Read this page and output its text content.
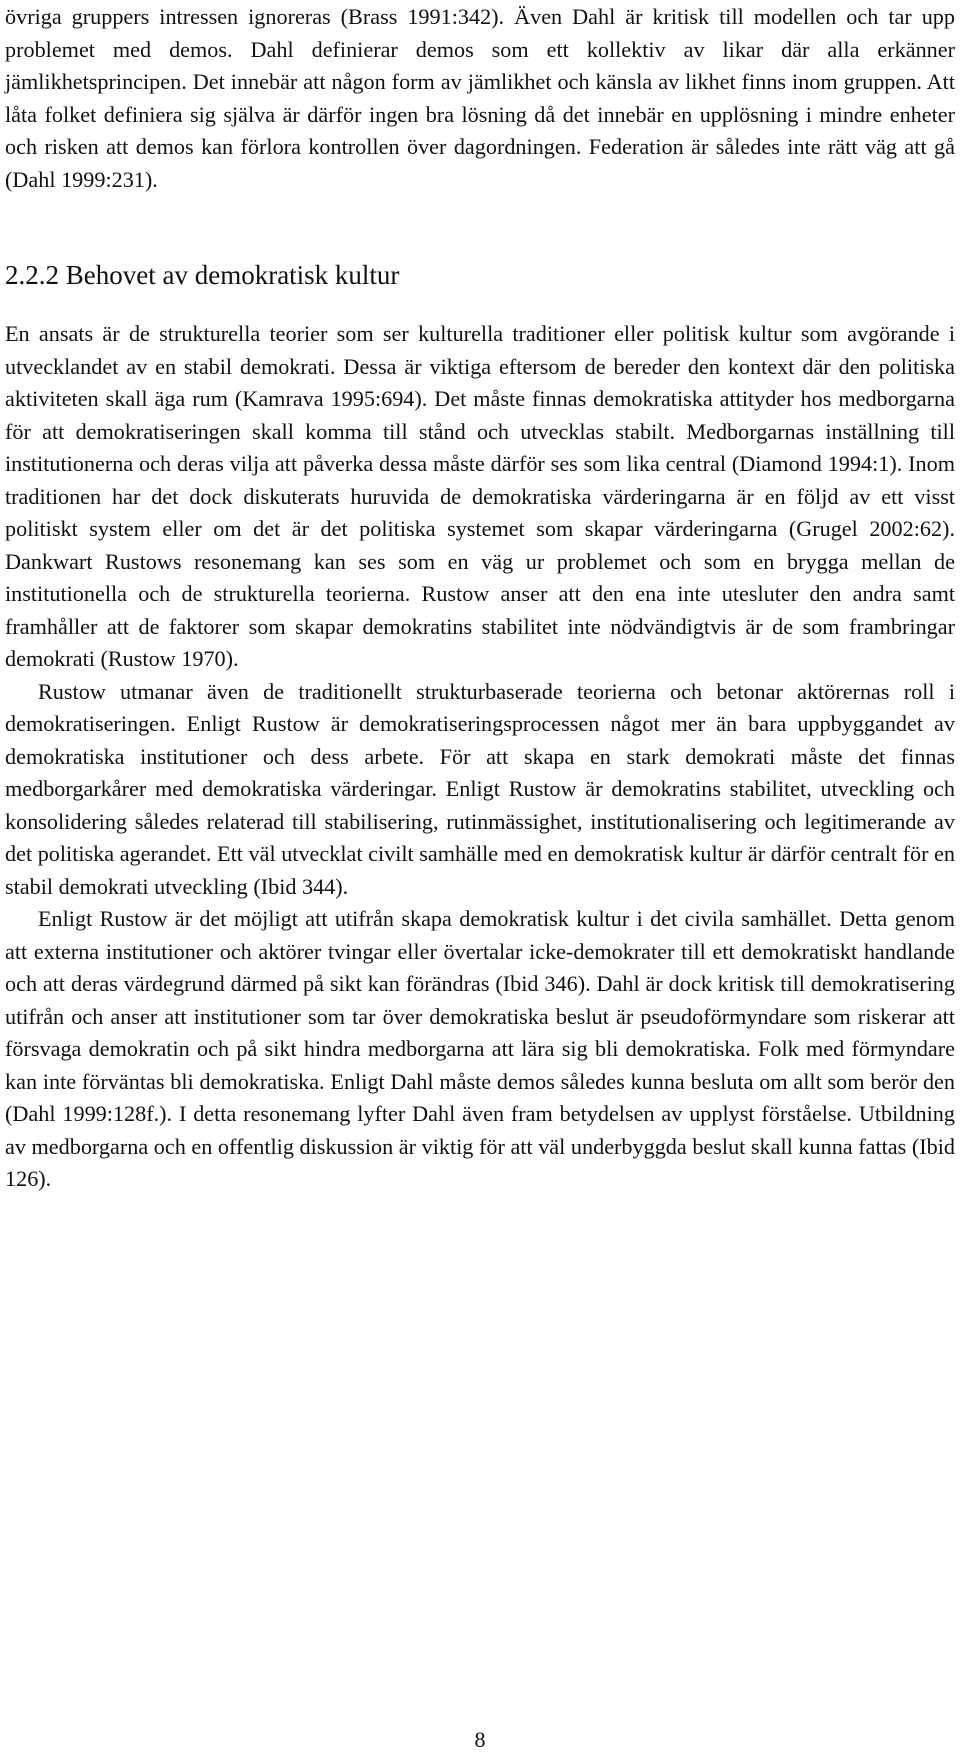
övriga gruppers intressen ignoreras (Brass 1991:342). Även Dahl är kritisk till modellen och tar upp problemet med demos. Dahl definierar demos som ett kollektiv av likar där alla erkänner jämlikhetsprincipen. Det innebär att någon form av jämlikhet och känsla av likhet finns inom gruppen. Att låta folket definiera sig själva är därför ingen bra lösning då det innebär en upplösning i mindre enheter och risken att demos kan förlora kontrollen över dagordningen. Federation är således inte rätt väg att gå (Dahl 1999:231).

2.2.2 Behovet av demokratisk kultur

En ansats är de strukturella teorier som ser kulturella traditioner eller politisk kultur som avgörande i utvecklandet av en stabil demokrati. Dessa är viktiga eftersom de bereder den kontext där den politiska aktiviteten skall äga rum (Kamrava 1995:694). Det måste finnas demokratiska attityder hos medborgarna för att demokratiseringen skall komma till stånd och utvecklas stabilt. Medborgarnas inställning till institutionerna och deras vilja att påverka dessa måste därför ses som lika central (Diamond 1994:1). Inom traditionen har det dock diskuterats huruvida de demokratiska värderingarna är en följd av ett visst politiskt system eller om det är det politiska systemet som skapar värderingarna (Grugel 2002:62). Dankwart Rustows resonemang kan ses som en väg ur problemet och som en brygga mellan de institutionella och de strukturella teorierna. Rustow anser att den ena inte utesluter den andra samt framhåller att de faktorer som skapar demokratins stabilitet inte nödvändigtvis är de som frambringar demokrati (Rustow 1970).

Rustow utmanar även de traditionellt strukturbaserade teorierna och betonar aktörernas roll i demokratiseringen. Enligt Rustow är demokratiseringsprocessen något mer än bara uppbyggandet av demokratiska institutioner och dess arbete. För att skapa en stark demokrati måste det finnas medborgarkårer med demokratiska värderingar. Enligt Rustow är demokratins stabilitet, utveckling och konsolidering således relaterad till stabilisering, rutinmässighet, institutionalisering och legitimerande av det politiska agerandet. Ett väl utvecklat civilt samhälle med en demokratisk kultur är därför centralt för en stabil demokrati utveckling (Ibid 344).

Enligt Rustow är det möjligt att utifrån skapa demokratisk kultur i det civila samhället. Detta genom att externa institutioner och aktörer tvingar eller övertalar icke-demokrater till ett demokratiskt handlande och att deras värdegrund därmed på sikt kan förändras (Ibid 346). Dahl är dock kritisk till demokratisering utifrån och anser att institutioner som tar över demokratiska beslut är pseudoförmyndare som riskerar att försvaga demokratin och på sikt hindra medborgarna att lära sig bli demokratiska. Folk med förmyndare kan inte förväntas bli demokratiska. Enligt Dahl måste demos således kunna besluta om allt som berör den (Dahl 1999:128f.). I detta resonemang lyfter Dahl även fram betydelsen av upplyst förståelse. Utbildning av medborgarna och en offentlig diskussion är viktig för att väl underbyggda beslut skall kunna fattas (Ibid 126).

8
